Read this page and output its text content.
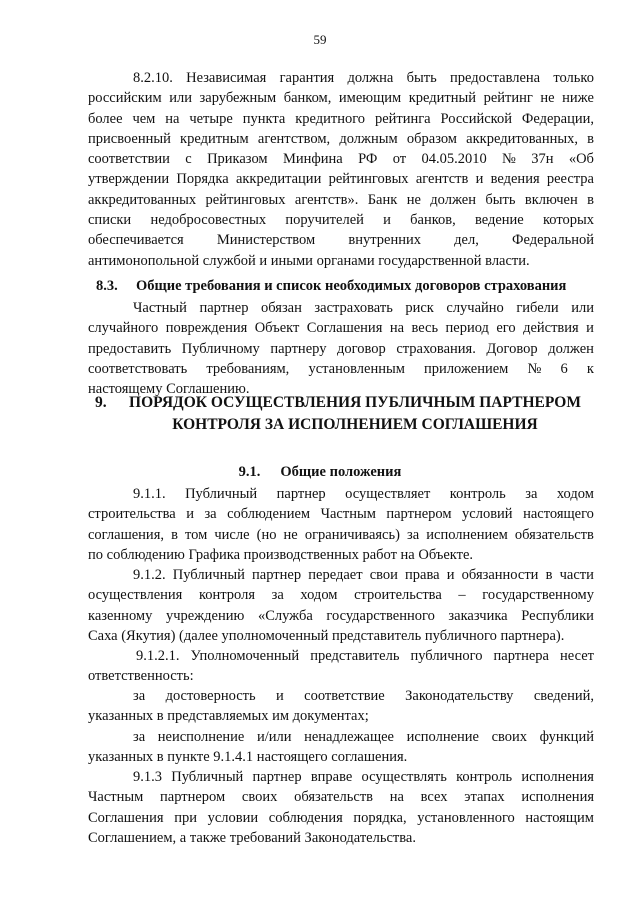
59
8.2.10. Независимая гарантия должна быть предоставлена только
российским или зарубежным банком, имеющим кредитный рейтинг не ниже
более чем на четыре пункта кредитного рейтинга Российской Федерации,
присвоенный кредитным агентством, должным образом аккредитованных, в
соответствии с Приказом Минфина РФ от 04.05.2010 № 37н «Об
утверждении Порядка аккредитации рейтинговых агентств и ведения реестра
аккредитованных рейтинговых агентств». Банк не должен быть включен в
списки недобросовестных поручителей и банков, ведение которых
обеспечивается Министерством внутренних дел, Федеральной
антимонопольной службой и иными органами государственной власти.
8.3. Общие требования и список необходимых договоров страхования
Частный партнер обязан застраховать риск случайно гибели или
случайного повреждения Объект Соглашения на весь период его действия и
предоставить Публичному партнеру договор страхования. Договор должен
соответствовать требованиям, установленным приложением № 6 к
настоящему Соглашению.
9.	ПОРЯДОК ОСУЩЕСТВЛЕНИЯ ПУБЛИЧНЫМ ПАРТНЕРОМ
КОНТРОЛЯ ЗА ИСПОЛНЕНИЕМ СОГЛАШЕНИЯ
9.1. Общие положения
9.1.1. Публичный партнер осуществляет контроль за ходом
строительства и за соблюдением Частным партнером условий настоящего
соглашения, в том числе (но не ограничиваясь) за исполнением обязательств
по соблюдению Графика производственных работ на Объекте.
9.1.2. Публичный партнер передает свои права и обязанности в части
осуществления контроля за ходом строительства – государственному
казенному учреждению «Служба государственного заказчика Республики
Саха (Якутия) (далее уполномоченный представитель публичного партнера).
9.1.2.1. Уполномоченный представитель публичного партнера несет
ответственность:
за достоверность и соответствие Законодательству сведений,
указанных в представляемых им документах;
за неисполнение и/или ненадлежащее исполнение своих функций
указанных в пункте 9.1.4.1 настоящего соглашения.
9.1.3 Публичный партнер вправе осуществлять контроль исполнения
Частным партнером своих обязательств на всех этапах исполнения
Соглашения при условии соблюдения порядка, установленного настоящим
Соглашением, а также требований Законодательства.
